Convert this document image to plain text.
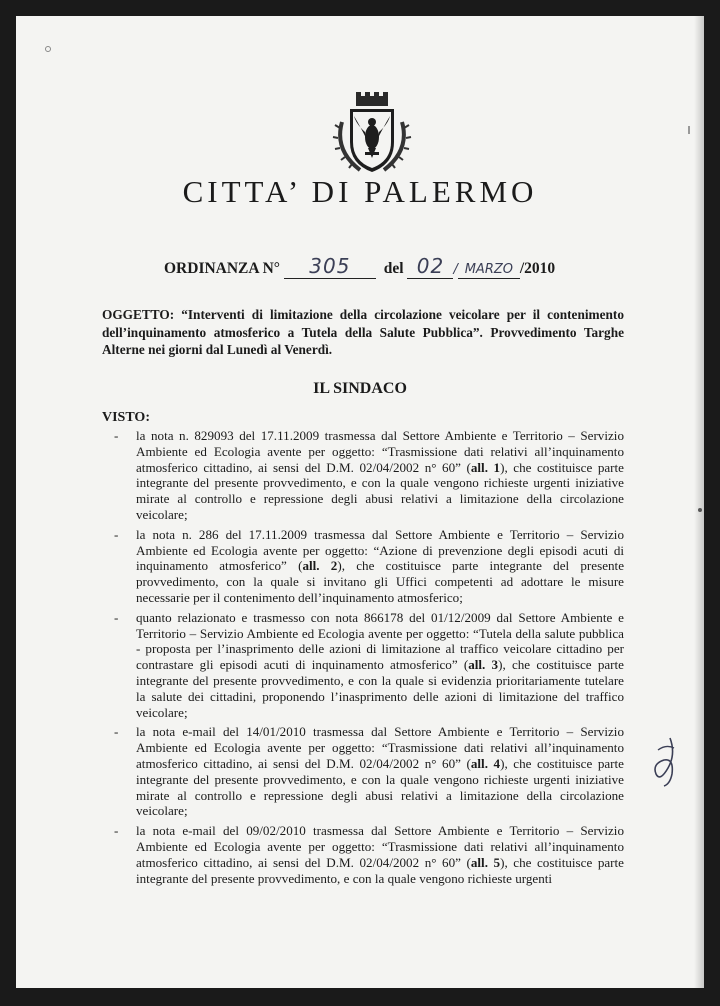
CITTA’ DI PALERMO
ORDINANZA N° 305 del 02 / MARZO /2010
OGGETTO: “Interventi di limitazione della circolazione veicolare per il contenimento dell’inquinamento atmosferico a Tutela della Salute Pubblica”. Provvedimento Targhe Alterne nei giorni dal Lunedì al Venerdì.
IL SINDACO
VISTO:
- la nota n. 829093 del 17.11.2009 trasmessa dal Settore Ambiente e Territorio – Servizio Ambiente ed Ecologia avente per oggetto: “Trasmissione dati relativi all’inquinamento atmosferico cittadino, ai sensi del D.M. 02/04/2002 n° 60” (all. 1), che costituisce parte integrante del presente provvedimento, e con la quale vengono richieste urgenti iniziative mirate al controllo e repressione degli abusi relativi a limitazione della circolazione veicolare;
- la nota n. 286 del 17.11.2009 trasmessa dal Settore Ambiente e Territorio – Servizio Ambiente ed Ecologia avente per oggetto: “Azione di prevenzione degli episodi acuti di inquinamento atmosferico” (all. 2), che costituisce parte integrante del presente provvedimento, con la quale si invitano gli Uffici competenti ad adottare le misure necessarie per il contenimento dell’inquinamento atmosferico;
- quanto relazionato e trasmesso con nota 866178 del 01/12/2009 dal Settore Ambiente e Territorio – Servizio Ambiente ed Ecologia avente per oggetto: “Tutela della salute pubblica - proposta per l’inasprimento delle azioni di limitazione al traffico veicolare cittadino per contrastare gli episodi acuti di inquinamento atmosferico” (all. 3), che costituisce parte integrante del presente provvedimento, e con la quale si evidenzia prioritariamente tutelare la salute dei cittadini, proponendo l’inasprimento delle azioni di limitazione del traffico veicolare;
- la nota e-mail del 14/01/2010 trasmessa dal Settore Ambiente e Territorio – Servizio Ambiente ed Ecologia avente per oggetto: “Trasmissione dati relativi all’inquinamento atmosferico cittadino, ai sensi del D.M. 02/04/2002 n° 60” (all. 4), che costituisce parte integrante del presente provvedimento, e con la quale vengono richieste urgenti iniziative mirate al controllo e repressione degli abusi relativi a limitazione della circolazione veicolare;
- la nota e-mail del 09/02/2010 trasmessa dal Settore Ambiente e Territorio – Servizio Ambiente ed Ecologia avente per oggetto: “Trasmissione dati relativi all’inquinamento atmosferico cittadino, ai sensi del D.M. 02/04/2002 n° 60” (all. 5), che costituisce parte integrante del presente provvedimento, e con la quale vengono richieste urgenti
